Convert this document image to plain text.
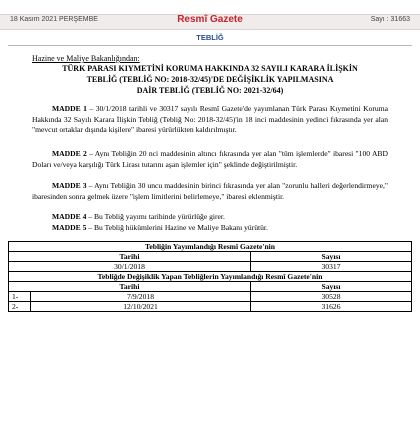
18 Kasım 2021 PERŞEMBE	Resmî Gazete	Sayı : 31663
TEBLİĞ
Hazine ve Maliye Bakanlığından:
TÜRK PARASI KIYMETİNİ KORUMA HAKKINDA 32 SAYILI KARARA İLİŞKİN
TEBLİĞ (TEBLİĞ NO: 2018-32/45)'DE DEĞİŞİKLİK YAPILMASINA
DAİR TEBLİĞ (TEBLİĞ NO: 2021-32/64)
MADDE 1 – 30/1/2018 tarihli ve 30317 sayılı Resmî Gazete'de yayımlanan Türk Parası Kıymetini Koruma Hakkında 32 Sayılı Karara İlişkin Tebliğ (Tebliğ No: 2018-32/45)'in 18 inci maddesinin yedinci fıkrasında yer alan "mevcut ortaklar dışında kişilere" ibaresi yürürlükten kaldırılmıştır.
MADDE 2 – Aynı Tebliğin 20 nci maddesinin altıncı fıkrasında yer alan "tüm işlemlerde" ibaresi "100 ABD Doları ve/veya karşılığı Türk Lirası tutarını aşan işlemler için" şeklinde değiştirilmiştir.
MADDE 3 – Aynı Tebliğin 30 uncu maddesinin birinci fıkrasında yer alan "zorunlu halleri değerlendirmeye," ibaresinden sonra gelmek üzere "işlem limitlerini belirlemeye," ibaresi eklenmiştir.
MADDE 4 – Bu Tebliğ yayımı tarihinde yürürlüğe girer.
MADDE 5 – Bu Tebliğ hükümlerini Hazine ve Maliye Bakanı yürütür.
Tebliğin Yayımlandığı Resmî Gazete'nin		
Tarihi		Sayısı
30/1/2018		30317
Tebliğde Değişiklik Yapan Tebliğlerin Yayımlandığı Resmî Gazete'nin		
Tarihi		Sayısı
1-	7/9/2018	30528
2-	12/10/2021	31626
